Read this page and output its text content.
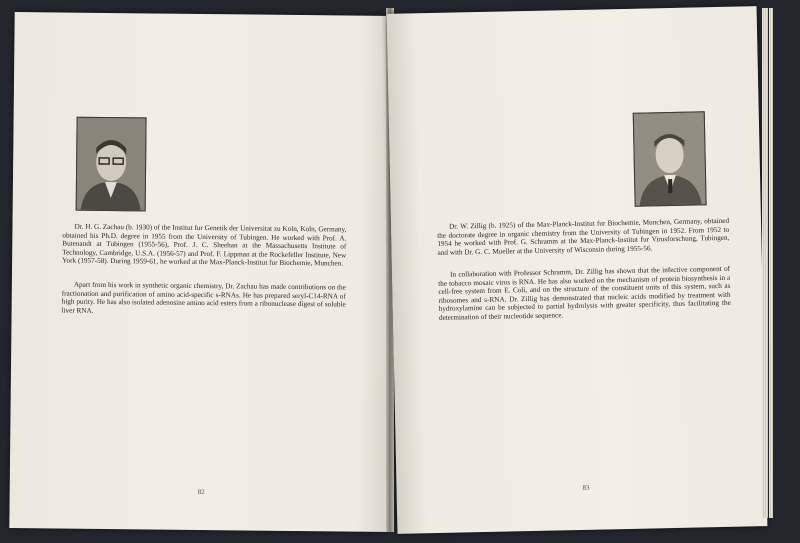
Dr. H. G. Zachau (b. 1930) of the Institut fur Genetik der Universitat zu Koln, Koln, Germany, obtained his Ph.D. degree in 1955 from the University of Tubingen. He worked with Prof. A. Butenandt at Tubingen (1955-56), Prof. J. C. Sheehan at the Massachusetts Institute of Technology, Cambridge, U.S.A. (1956-57) and Prof. F. Lippman at the Rockefeller Institute, New York (1957-58). During 1959-61, he worked at the Max-Planck-Institut fur Biochemie, Munchen.

Apart from his work in synthetic organic chemistry, Dr. Zachau has made contributions on the fractionation and purification of amino acid-specific s-RNAs. He has prepared seryl-C14-RNA of high purity. He has also isolated adenosine amino acid esters from a ribonuclease digest of soluble liver RNA.

82

Dr. W. Zillig (b. 1925) of the Max-Planck-Institut fur Biochemie, Munchen, Germany, obtained the doctorate degree in organic chemistry from the University of Tubingen in 1952. From 1952 to 1954 he worked with Prof. G. Schramm at the Max-Planck-Institut fur Virusforschung, Tubingen, and with Dr. G. C. Mueller at the University of Wisconsin during 1955-56.

In collaboration with Professor Schramm, Dr. Zillig has shown that the infective component of the tobacco mosaic virus is RNA. He has also worked on the mechanism of protein biosynthesis in a cell-free system from E. Coli, and on the structure of the constituent units of this system, such as ribosomes and s-RNA. Dr. Zillig has demonstrated that nucleic acids modified by treatment with hydroxylamine can be subjected to partial hydrolysis with greater specificity, thus facilitating the determination of their nucleotide sequence.

83
